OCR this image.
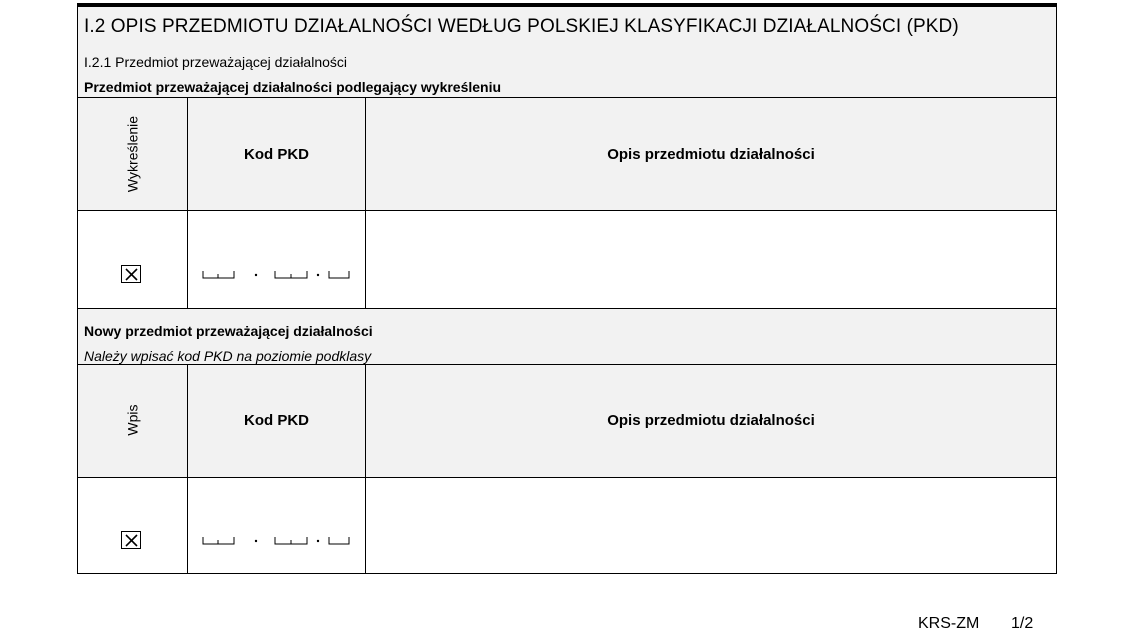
I.2 OPIS PRZEDMIOTU DZIAŁALNOŚCI WEDŁUG POLSKIEJ KLASYFIKACJI DZIAŁALNOŚCI (PKD)
I.2.1 Przedmiot przeważającej działalności
Przedmiot przeważającej działalności podlegający wykreśleniu
Wykreślenie	Kod PKD	Opis przedmiotu działalności
Nowy przedmiot przeważającej działalności
Należy wpisać kod PKD na poziomie podklasy
Wpis	Kod PKD	Opis przedmiotu działalności
KRS-ZM 1/2
